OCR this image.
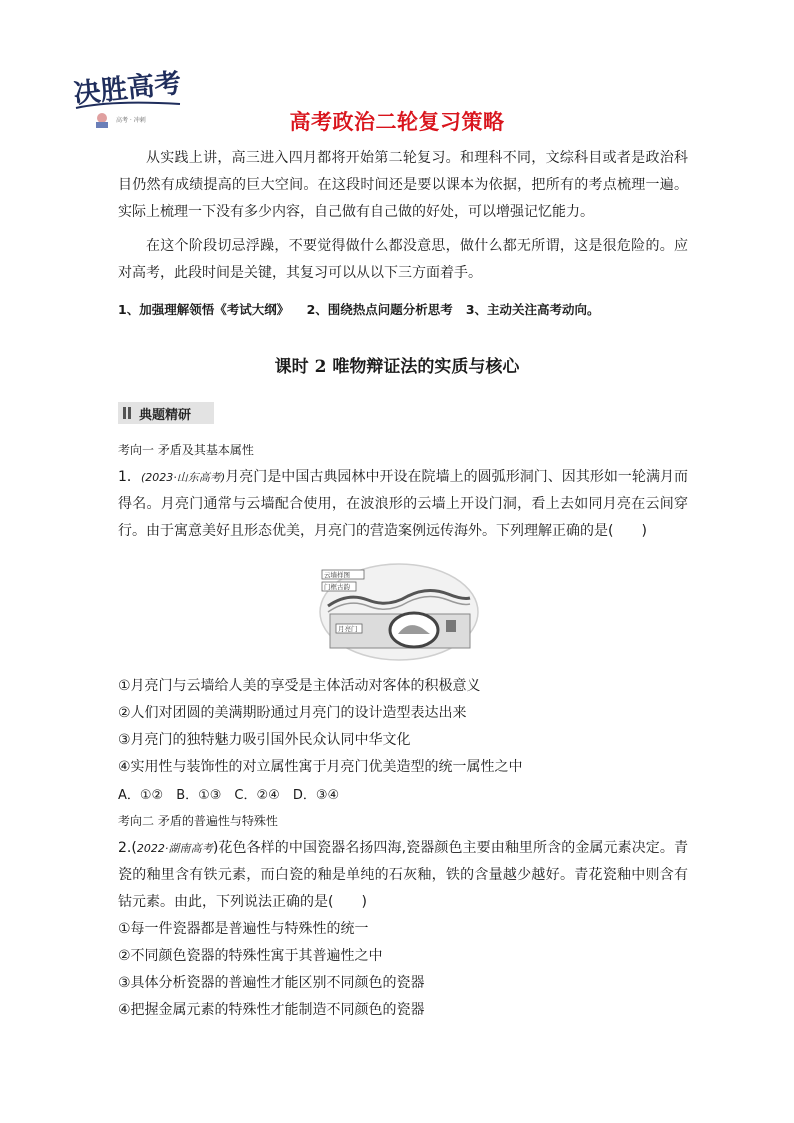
决胜高考
高考 · 冲刺	高考政治二轮复习策略
从实践上讲，高三进入四月都将开始第二轮复习。和理科不同，文综科目或者是政治科目仍然有成绩提高的巨大空间。在这段时间还是要以课本为依据，把所有的考点梳理一遍。实际上梳理一下没有多少内容，自己做有自己做的好处，可以增强记忆能力。
在这个阶段切忌浮躁，不要觉得做什么都没意思，做什么都无所谓，这是很危险的。应对高考，此段时间是关键，其复习可以从以下三方面着手。
1、加强理解领悟《考试大纲》    2、围绕热点问题分析思考   3、主动关注高考动向。
课时 2 唯物辩证法的实质与核心
典题精研
考向一 矛盾及其基本属性
1．(2023·山东高考)月亮门是中国古典园林中开设在院墙上的圆弧形洞门、因其形如一轮满月而得名。月亮门通常与云墙配合使用，在波浪形的云墙上开设门洞，看上去如同月亮在云间穿行。由于寓意美好且形态优美，月亮门的营造案例远传海外。下列理解正确的是(　　)
云墙样图
门框古韵
月亮门
①月亮门与云墙给人美的享受是主体活动对客体的积极意义
②人们对团圆的美满期盼通过月亮门的设计造型表达出来
③月亮门的独特魅力吸引国外民众认同中华文化
④实用性与装饰性的对立属性寓于月亮门优美造型的统一属性之中
A．①②　B．①③　C．②④　D．③④
考向二 矛盾的普遍性与特殊性
2.(2022·湖南高考)花色各样的中国瓷器名扬四海,瓷器颜色主要由釉里所含的金属元素决定。青瓷的釉里含有铁元素，而白瓷的釉是单纯的石灰釉，铁的含量越少越好。青花瓷釉中则含有钴元素。由此，下列说法正确的是(　　)
①每一件瓷器都是普遍性与特殊性的统一
②不同颜色瓷器的特殊性寓于其普遍性之中
③具体分析瓷器的普遍性才能区别不同颜色的瓷器
④把握金属元素的特殊性才能制造不同颜色的瓷器
